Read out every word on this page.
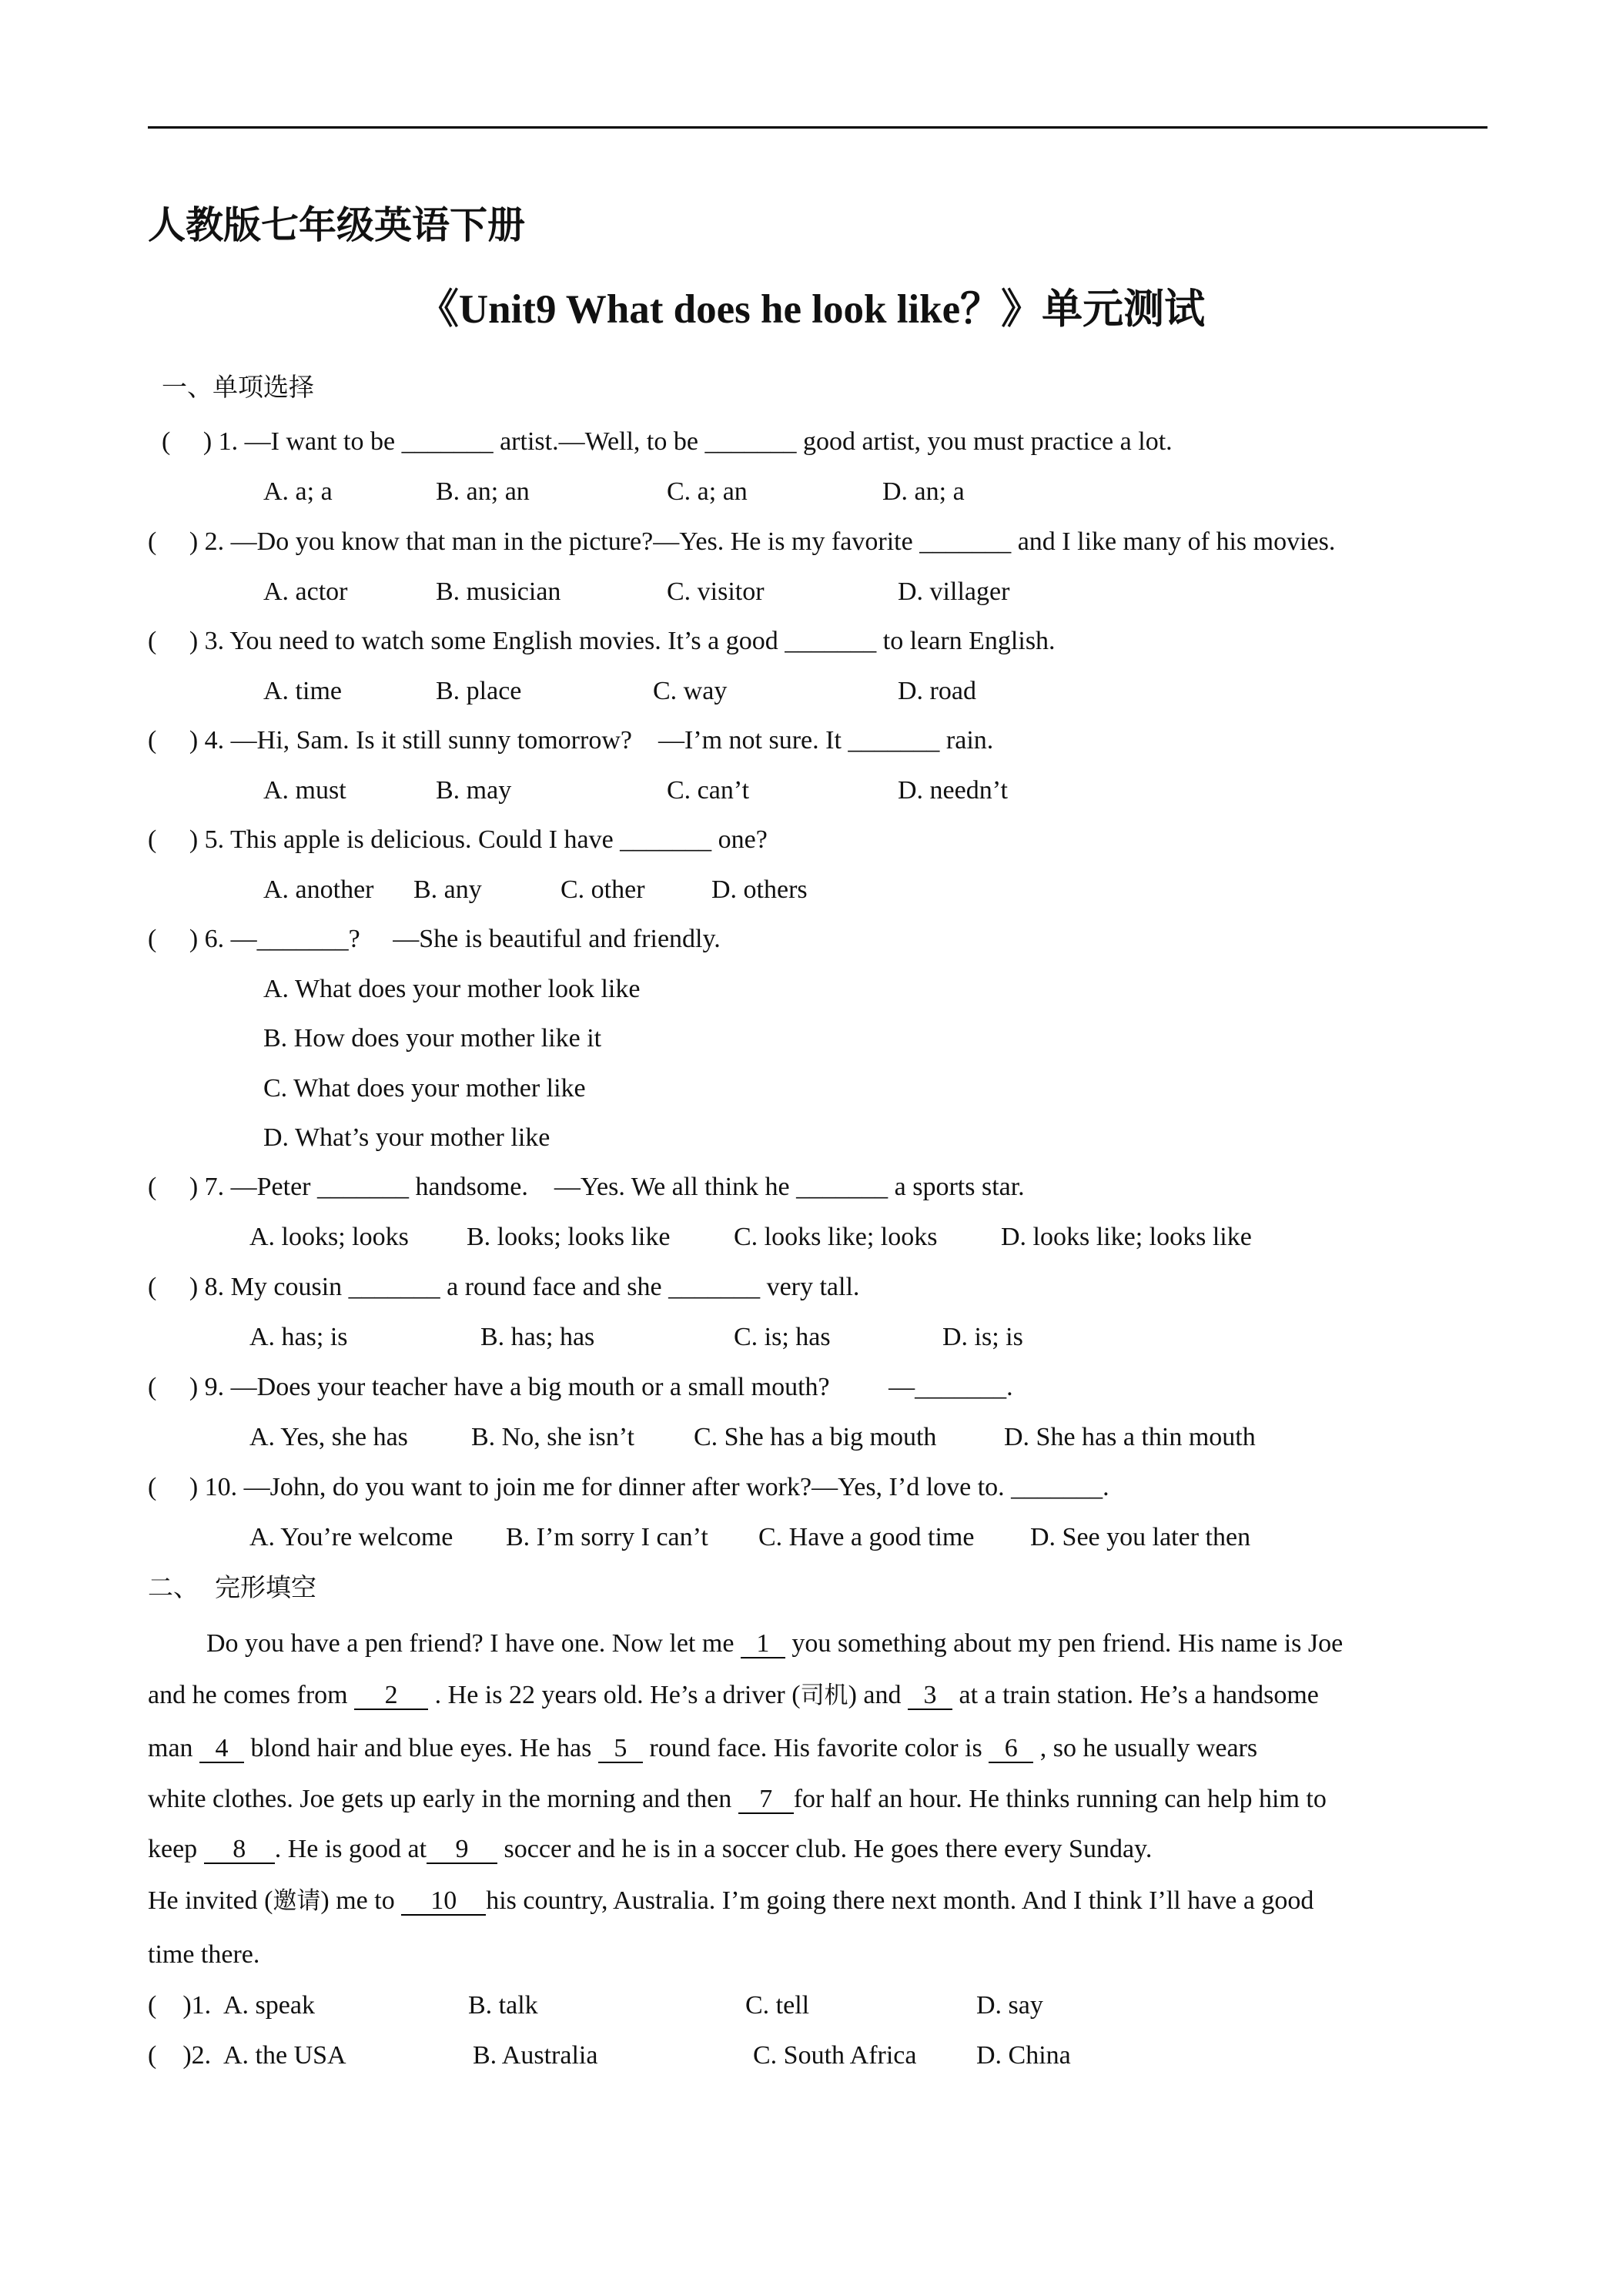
人教版七年级英语下册
《Unit9 What does he look like？》单元测试
一、单项选择
(     ) 1. —I want to be _______ artist.—Well, to be _______ good artist, you must practice a lot.
A. a; a	B. an; an	C. a; an	D. an; a
(     ) 2. —Do you know that man in the picture?—Yes. He is my favorite _______ and I like many of his movies.
A. actor	B. musician	C. visitor	D. villager
(     ) 3. You need to watch some English movies. It’s a good _______ to learn English.
A. time	B. place	C. way	D. road
(     ) 4. —Hi, Sam. Is it still sunny tomorrow?    —I’m not sure. It _______ rain.
A. must	B. may	C. can’t	D. needn’t
(     ) 5. This apple is delicious. Could I have _______ one?
A. another B. any	C. other	D. others
(     ) 6. —_______?     —She is beautiful and friendly.
A. What does your mother look like
B. How does your mother like it
C. What does your mother like
D. What’s your mother like
(     ) 7. —Peter _______ handsome.    —Yes. We all think he _______ a sports star.
A. looks; looks B. looks; looks like C. looks like; looks D. looks like; looks like
(     ) 8. My cousin _______ a round face and she _______ very tall.
A. has; is	B. has; has	C. is; has	D. is; is
(     ) 9. —Does your teacher have a big mouth or a small mouth?         —_______.
A. Yes, she has B. No, she isn’t C. She has a big mouth	D. She has a thin mouth
(     ) 10. —John, do you want to join me for dinner after work?—Yes, I’d love to. _______.
A. You’re welcome B. I’m sorry I can’t C. Have a good time D. See you later then
二、  完形填空
Do you have a pen friend? I have one. Now let me 1 you something about my pen friend. His name is Joe
and he comes from 2 . He is 22 years old. He’s a driver (司机) and 3 at a train station. He’s a handsome
man 4 blond hair and blue eyes. He has 5 round face. His favorite color is 6 , so he usually wears
white clothes. Joe gets up early in the morning and then 7 for half an hour. He thinks running can help him to
keep 8 . He is good at 9 soccer and he is in a soccer club. He goes there every Sunday.
He invited (邀请) me to 10 his country, Australia. I’m going there next month. And I think I’ll have a good
time there.
(    )1. A. speak	B. talk	C. tell	D. say
(    )2. A. the USA	B. Australia	C. South Africa D. China
